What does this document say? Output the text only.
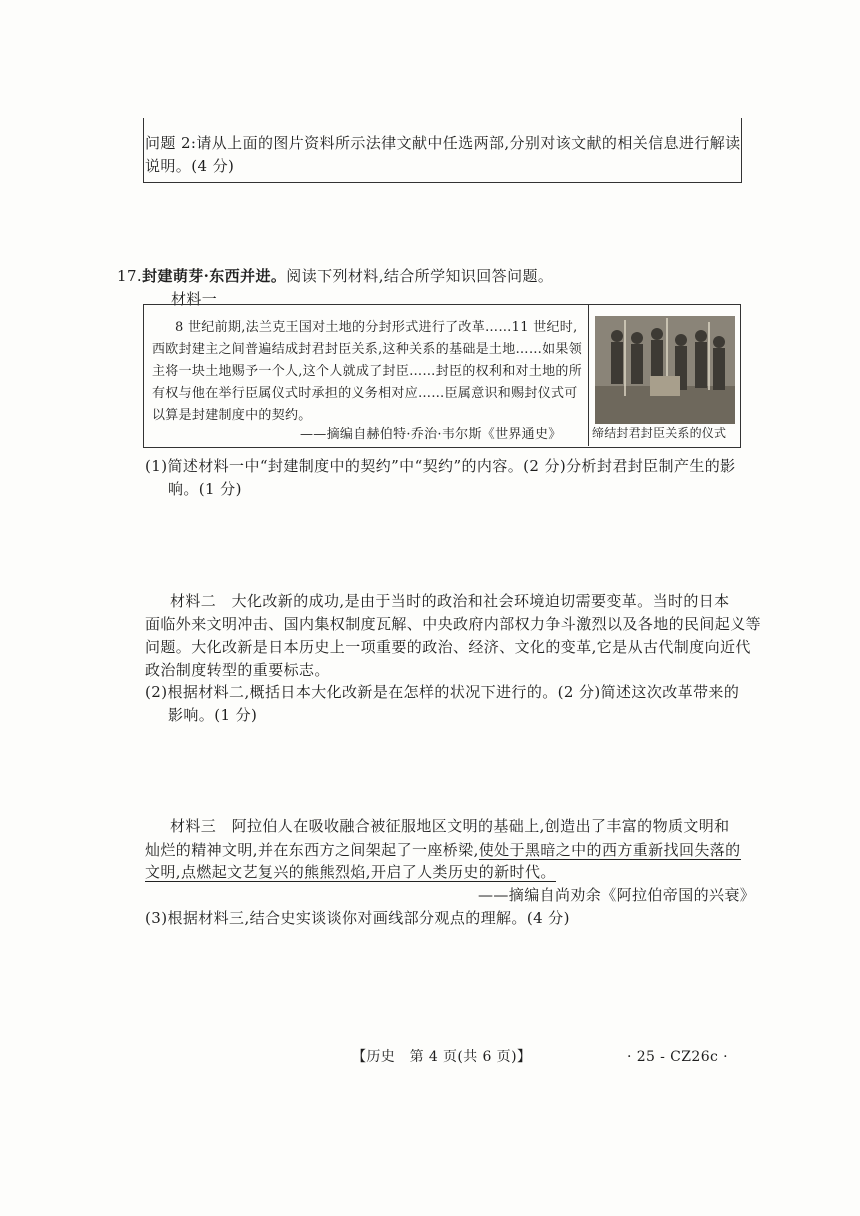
问题 2:请从上面的图片资料所示法律文献中任选两部,分别对该文献的相关信息进行解读
说明。(4 分)
17.封建萌芽·东西并进。阅读下列材料,结合所学知识回答问题。
材料一
8 世纪前期,法兰克王国对土地的分封形式进行了改革……11 世纪时,
西欧封建主之间普遍结成封君封臣关系,这种关系的基础是土地……如果领
主将一块土地赐予一个人,这个人就成了封臣……封臣的权利和对土地的所
有权与他在举行臣属仪式时承担的义务相对应……臣属意识和赐封仪式可
以算是封建制度中的契约。
——摘编自赫伯特·乔治·韦尔斯《世界通史》	缔结封君封臣关系的仪式
(1)简述材料一中“封建制度中的契约”中“契约”的内容。(2 分)分析封君封臣制产生的影
响。(1 分)
材料二　大化改新的成功,是由于当时的政治和社会环境迫切需要变革。当时的日本
面临外来文明冲击、国内集权制度瓦解、中央政府内部权力争斗激烈以及各地的民间起义等
问题。大化改新是日本历史上一项重要的政治、经济、文化的变革,它是从古代制度向近代
政治制度转型的重要标志。
(2)根据材料二,概括日本大化改新是在怎样的状况下进行的。(2 分)简述这次改革带来的
影响。(1 分)
材料三　阿拉伯人在吸收融合被征服地区文明的基础上,创造出了丰富的物质文明和
灿烂的精神文明,并在东西方之间架起了一座桥梁,使处于黑暗之中的西方重新找回失落的
文明,点燃起文艺复兴的熊熊烈焰,开启了人类历史的新时代。
——摘编自尚劝余《阿拉伯帝国的兴衰》
(3)根据材料三,结合史实谈谈你对画线部分观点的理解。(4 分)
【历史　第 4 页(共 6 页)】	· 25 - CZ26c ·
